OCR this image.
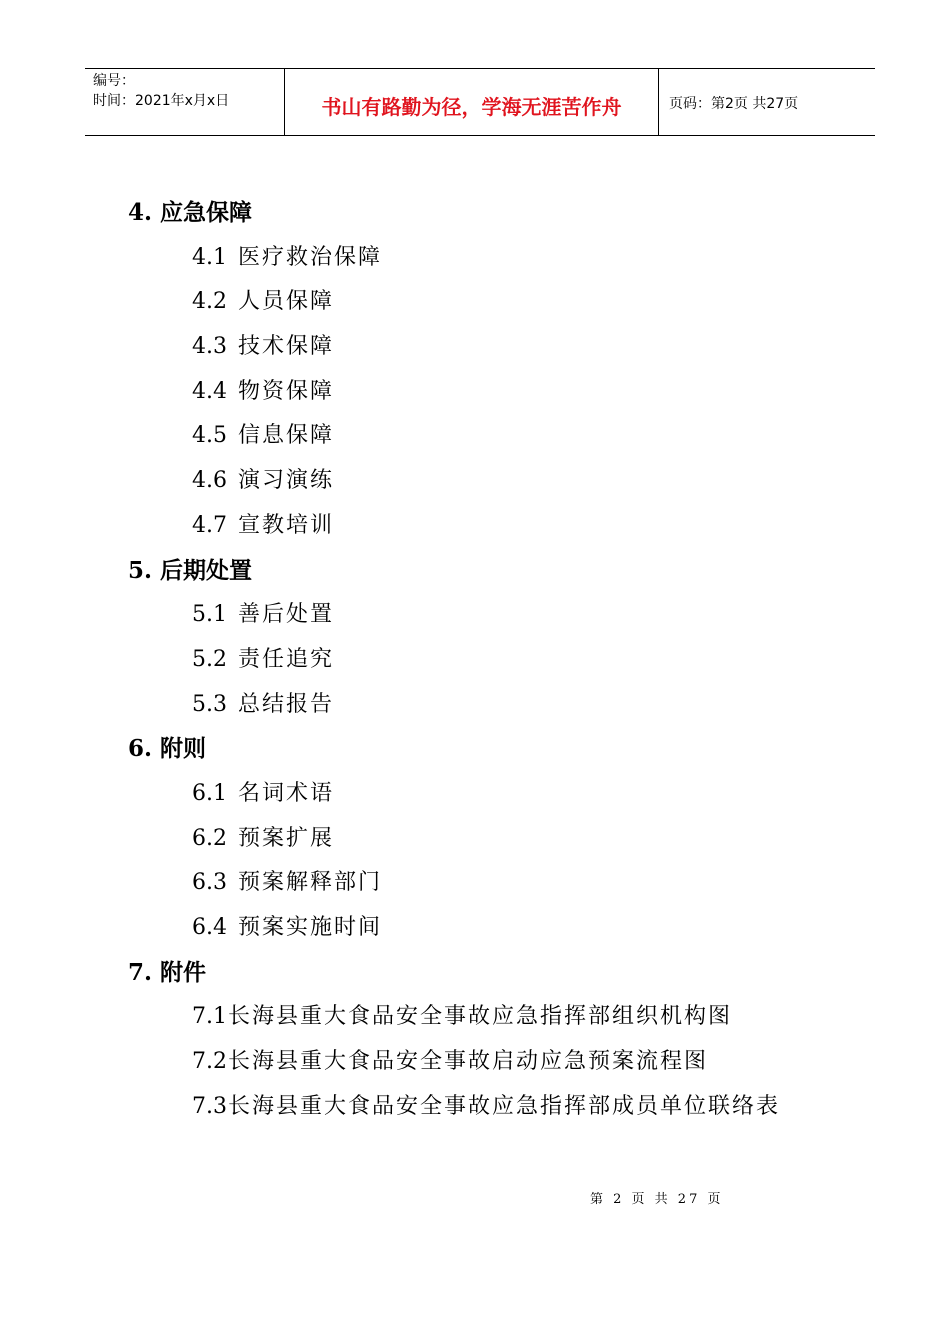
编号：
时间：2021年x月x日	书山有路勤为径，学海无涯苦作舟	页码：第2页 共27页
4. 应急保障
4.1 医疗救治保障
4.2 人员保障
4.3 技术保障
4.4 物资保障
4.5 信息保障
4.6 演习演练
4.7 宣教培训
5. 后期处置
5.1 善后处置
5.2 责任追究
5.3 总结报告
6. 附则
6.1 名词术语
6.2 预案扩展
6.3 预案解释部门
6.4 预案实施时间
7. 附件
7.1长海县重大食品安全事故应急指挥部组织机构图
7.2长海县重大食品安全事故启动应急预案流程图
7.3长海县重大食品安全事故应急指挥部成员单位联络表
第 2 页 共 27 页
